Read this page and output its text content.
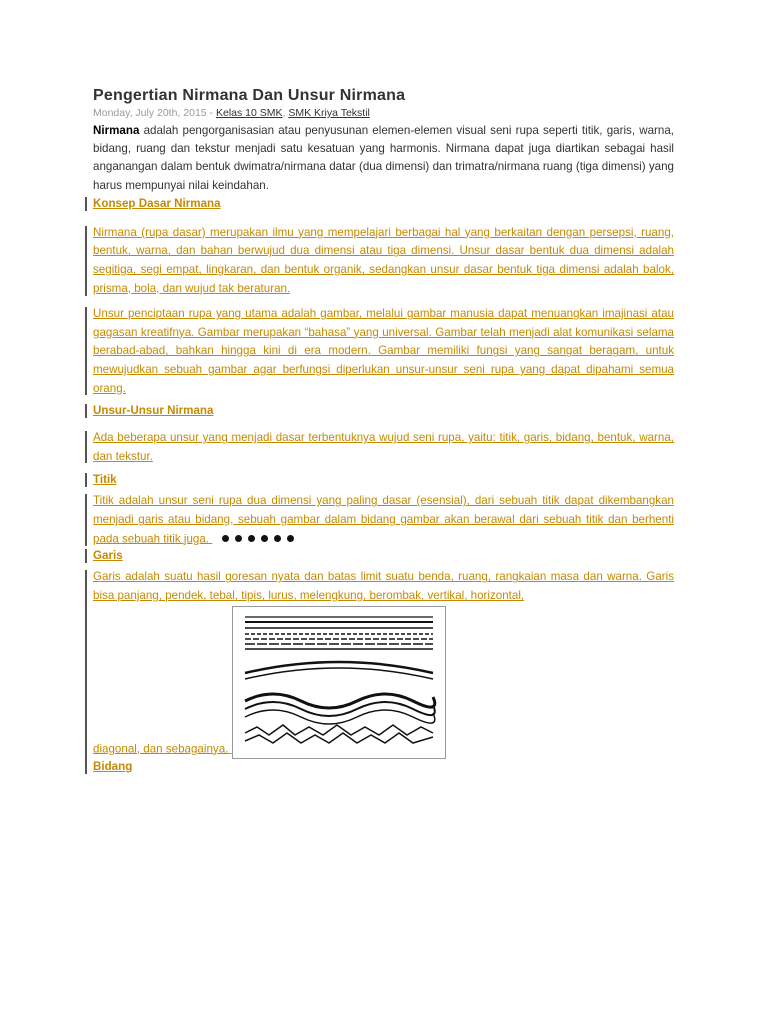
Pengertian Nirmana Dan Unsur Nirmana
Monday, July 20th, 2015 - Kelas 10 SMK, SMK Kriya Tekstil
Nirmana adalah pengorganisasian atau penyusunan elemen-elemen visual seni rupa seperti titik, garis, warna, bidang, ruang dan tekstur menjadi satu kesatuan yang harmonis. Nirmana dapat juga diartikan sebagai hasil anganangan dalam bentuk dwimatra/nirmana datar (dua dimensi) dan trimatra/nirmana ruang (tiga dimensi) yang harus mempunyai nilai keindahan.
Konsep Dasar Nirmana
Nirmana (rupa dasar) merupakan ilmu yang mempelajari berbagai hal yang berkaitan dengan persepsi, ruang, bentuk, warna, dan bahan berwujud dua dimensi atau tiga dimensi. Unsur dasar bentuk dua dimensi adalah segitiga, segi empat, lingkaran, dan bentuk organik, sedangkan unsur dasar bentuk tiga dimensi adalah balok, prisma, bola, dan wujud tak beraturan.
Unsur penciptaan rupa yang utama adalah gambar, melalui gambar manusia dapat menuangkan imajinasi atau gagasan kreatifnya. Gambar merupakan “bahasa” yang universal. Gambar telah menjadi alat komunikasi selama berabad-abad, bahkan hingga kini di era modern. Gambar memiliki fungsi yang sangat beragam, untuk mewujudkan sebuah gambar agar berfungsi diperlukan unsur-unsur seni rupa yang dapat dipahami semua orang.
Unsur-Unsur Nirmana
Ada beberapa unsur yang menjadi dasar terbentuknya wujud seni rupa, yaitu: titik, garis, bidang, bentuk, warna, dan tekstur.
Titik
Titik adalah unsur seni rupa dua dimensi yang paling dasar (esensial), dari sebuah titik dapat dikembangkan menjadi garis atau bidang, sebuah gambar dalam bidang gambar akan berawal dari sebuah titik dan berhenti pada sebuah titik juga.
Garis
Garis adalah suatu hasil goresan nyata dan batas limit suatu benda, ruang, rangkaian masa dan warna. Garis bisa panjang, pendek, tebal, tipis, lurus, melengkung, berombak, vertikal, horizontal,
diagonal, dan sebagainya.
Bidang
